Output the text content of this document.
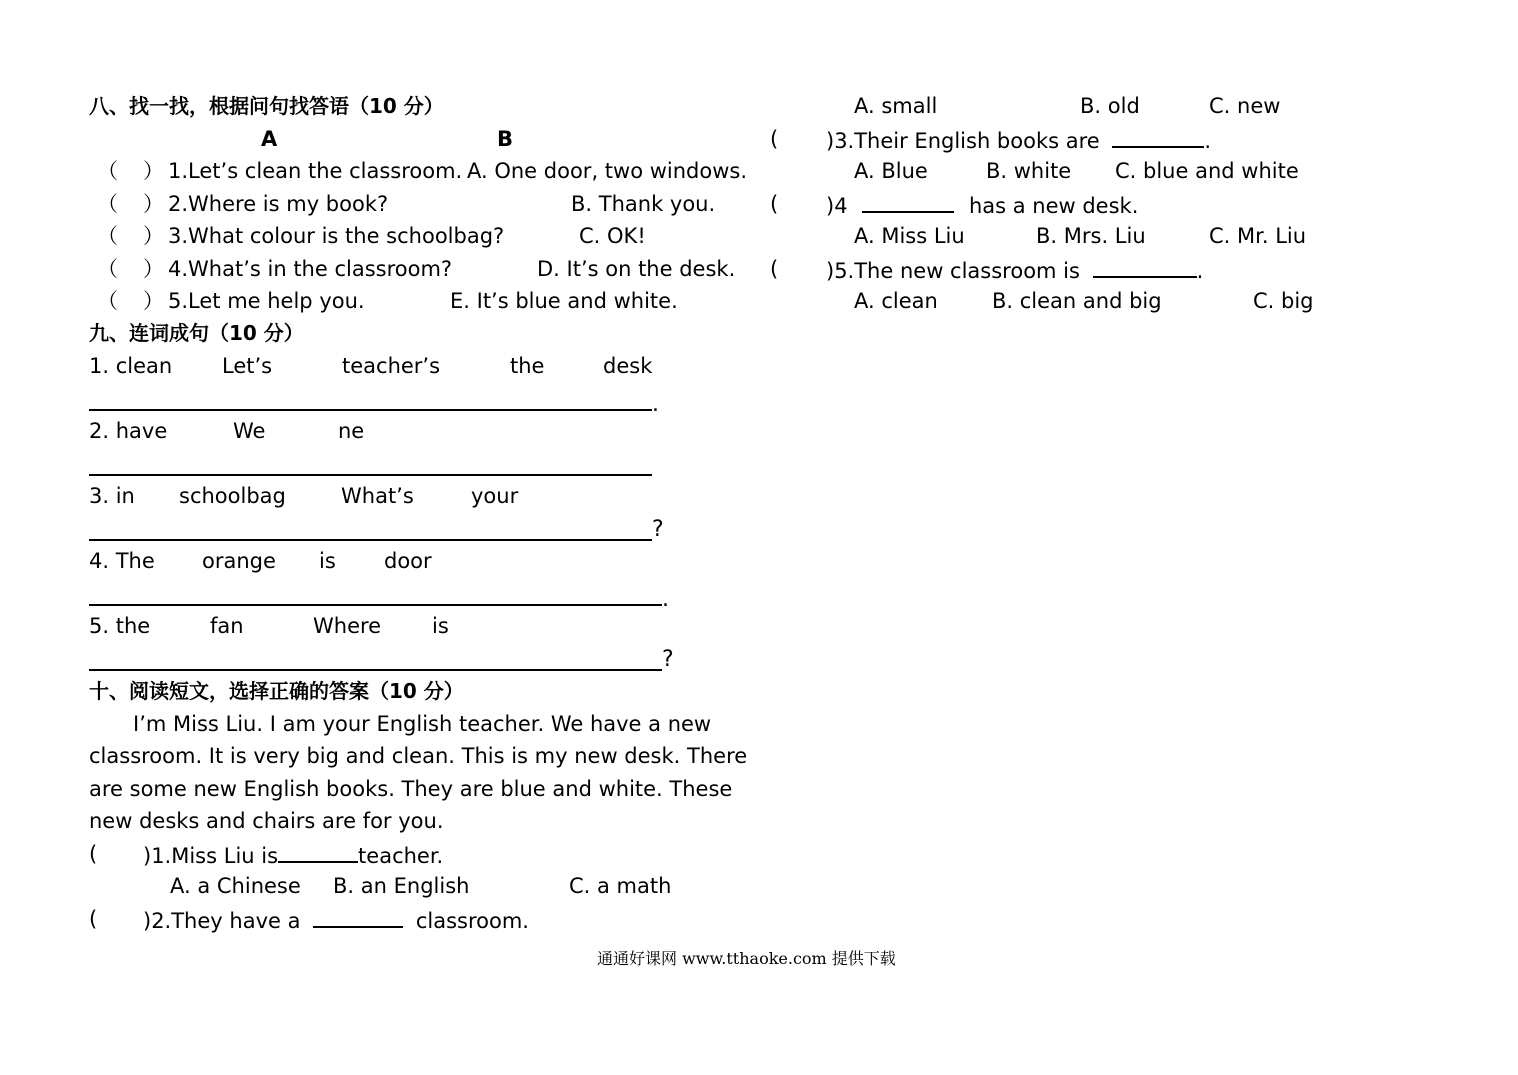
八、找一找，根据问句找答语（10 分）
A	B
（ ） 1.Let’s clean the classroom. A. One door, two windows.
（ ） 2.Where is my book?	B. Thank you.
（ ） 3.What colour is the schoolbag?	C. OK!
（ ） 4.What’s in the classroom?	D. It’s on the desk.
（ ） 5.Let me help you.	E. It’s blue and white.
九、连词成句（10 分）
1. clean Let’s	teacher’s	the	desk
.
2. have	We	ne
3. in schoolbag	What’s	your
?
4. The orange is door
.
5. the	fan	Where is
?
十、阅读短文，选择正确的答案（10 分）
I’m Miss Liu. I am your English teacher. We have a new
classroom. It is very big and clean. This is my new desk. There
are some new English books. They are blue and white. These
new desks and chairs are for you.
( )1.Miss Liu is	teacher.
A. a Chinese B. an English	C. a math
( )2.They have a	classroom.
A. small	B. old	C. new
( )3.Their English books are	.
A. Blue	B. white C. blue and white
( )4	has a new desk.
A. Miss Liu	B. Mrs. Liu	C. Mr. Liu
( )5.The new classroom is	.
A. clean	B. clean and big	C. big
通通好课网 www.tthaoke.com 提供下载
